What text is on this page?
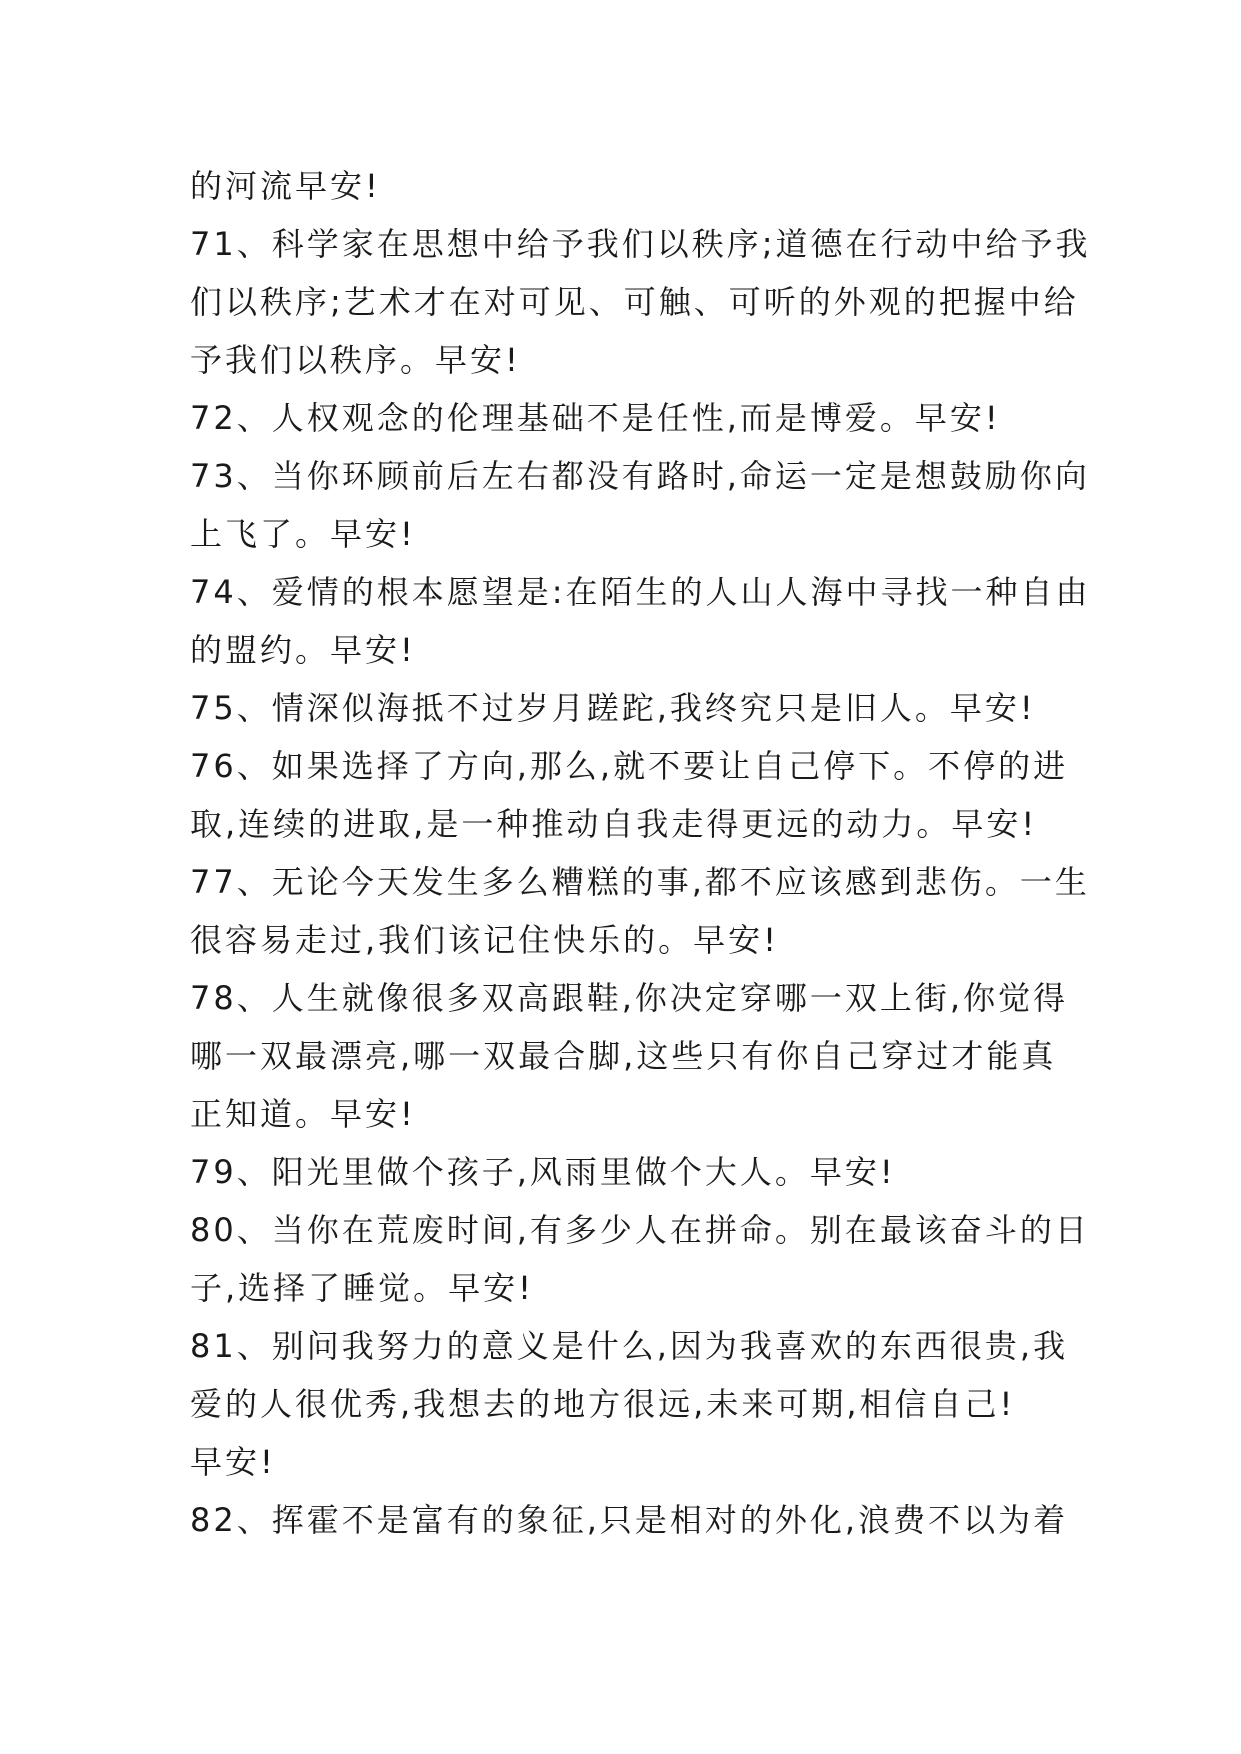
的河流早安!
71、科学家在思想中给予我们以秩序;道德在行动中给予我
们以秩序;艺术才在对可见、可触、可听的外观的把握中给
予我们以秩序。早安!
72、人权观念的伦理基础不是任性,而是博爱。早安!
73、当你环顾前后左右都没有路时,命运一定是想鼓励你向
上飞了。早安!
74、爱情的根本愿望是:在陌生的人山人海中寻找一种自由
的盟约。早安!
75、情深似海抵不过岁月蹉跎,我终究只是旧人。早安!
76、如果选择了方向,那么,就不要让自己停下。不停的进
取,连续的进取,是一种推动自我走得更远的动力。早安!
77、无论今天发生多么糟糕的事,都不应该感到悲伤。一生
很容易走过,我们该记住快乐的。早安!
78、人生就像很多双高跟鞋,你决定穿哪一双上街,你觉得
哪一双最漂亮,哪一双最合脚,这些只有你自己穿过才能真
正知道。早安!
79、阳光里做个孩子,风雨里做个大人。早安!
80、当你在荒废时间,有多少人在拼命。别在最该奋斗的日
子,选择了睡觉。早安!
81、别问我努力的意义是什么,因为我喜欢的东西很贵,我
爱的人很优秀,我想去的地方很远,未来可期,相信自己!
早安!
82、挥霍不是富有的象征,只是相对的外化,浪费不以为着
